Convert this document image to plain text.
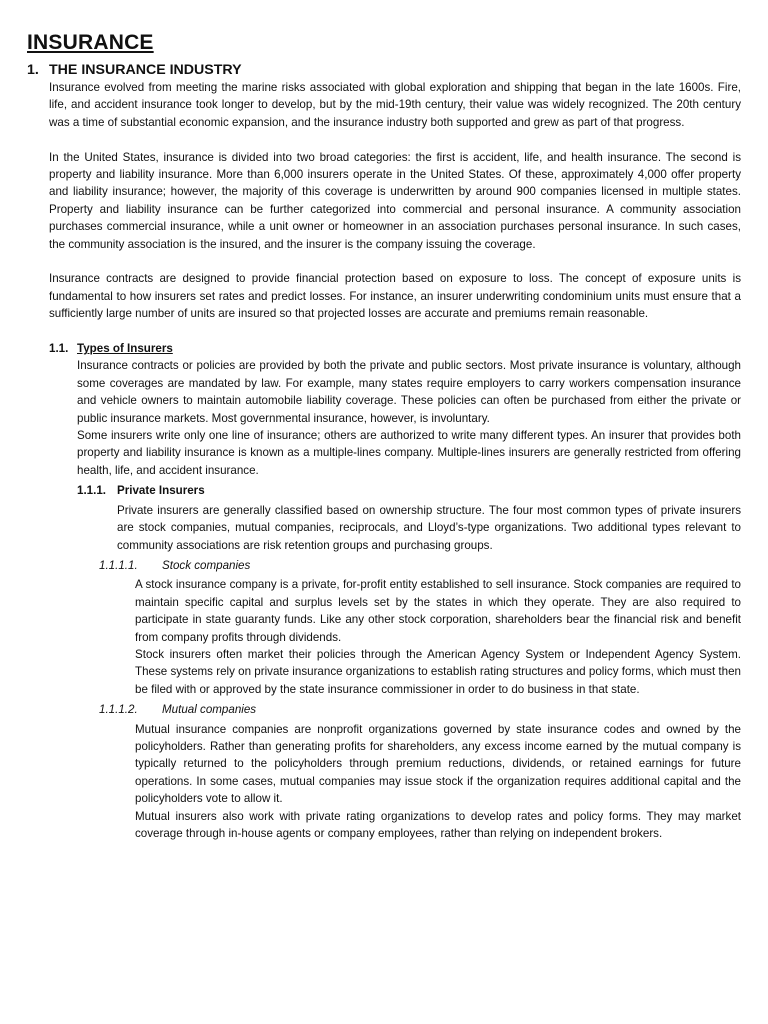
INSURANCE
1. THE INSURANCE INDUSTRY

Insurance evolved from meeting the marine risks associated with global exploration and shipping that began in the late 1600s. Fire, life, and accident insurance took longer to develop, but by the mid-19th century, their value was widely recognized. The 20th century was a time of substantial economic expansion, and the insurance industry both supported and grew as part of that progress.

In the United States, insurance is divided into two broad categories: the first is accident, life, and health insurance. The second is property and liability insurance. More than 6,000 insurers operate in the United States. Of these, approximately 4,000 offer property and liability insurance; however, the majority of this coverage is underwritten by around 900 companies licensed in multiple states. Property and liability insurance can be further categorized into commercial and personal insurance. A community association purchases commercial insurance, while a unit owner or homeowner in an association purchases personal insurance. In such cases, the community association is the insured, and the insurer is the company issuing the coverage.

Insurance contracts are designed to provide financial protection based on exposure to loss. The concept of exposure units is fundamental to how insurers set rates and predict losses. For instance, an insurer underwriting condominium units must ensure that a sufficiently large number of units are insured so that projected losses are accurate and premiums remain reasonable.

1.1. Types of Insurers

Insurance contracts or policies are provided by both the private and public sectors. Most private insurance is voluntary, although some coverages are mandated by law. For example, many states require employers to carry workers compensation insurance and vehicle owners to maintain automobile liability coverage. These policies can often be purchased from either the private or public insurance markets. Most governmental insurance, however, is involuntary.

Some insurers write only one line of insurance; others are authorized to write many different types. An insurer that provides both property and liability insurance is known as a multiple-lines company. Multiple-lines insurers are generally restricted from offering health, life, and accident insurance.

1.1.1. Private Insurers

Private insurers are generally classified based on ownership structure. The four most common types of private insurers are stock companies, mutual companies, reciprocals, and Lloyd’s-type organizations. Two additional types relevant to community associations are risk retention groups and purchasing groups.

1.1.1.1.	Stock companies

A stock insurance company is a private, for-profit entity established to sell insurance. Stock companies are required to maintain specific capital and surplus levels set by the states in which they operate. They are also required to participate in state guaranty funds. Like any other stock corporation, shareholders bear the financial risk and benefit from company profits through dividends.

Stock insurers often market their policies through the American Agency System or Independent Agency System. These systems rely on private insurance organizations to establish rating structures and policy forms, which must then be filed with or approved by the state insurance commissioner in order to do business in that state.

1.1.1.2.	Mutual companies

Mutual insurance companies are nonprofit organizations governed by state insurance codes and owned by the policyholders. Rather than generating profits for shareholders, any excess income earned by the mutual company is typically returned to the policyholders through premium reductions, dividends, or retained earnings for future operations. In some cases, mutual companies may issue stock if the organization requires additional capital and the policyholders vote to allow it.

Mutual insurers also work with private rating organizations to develop rates and policy forms. They may market coverage through in-house agents or company employees, rather than relying on independent brokers.
